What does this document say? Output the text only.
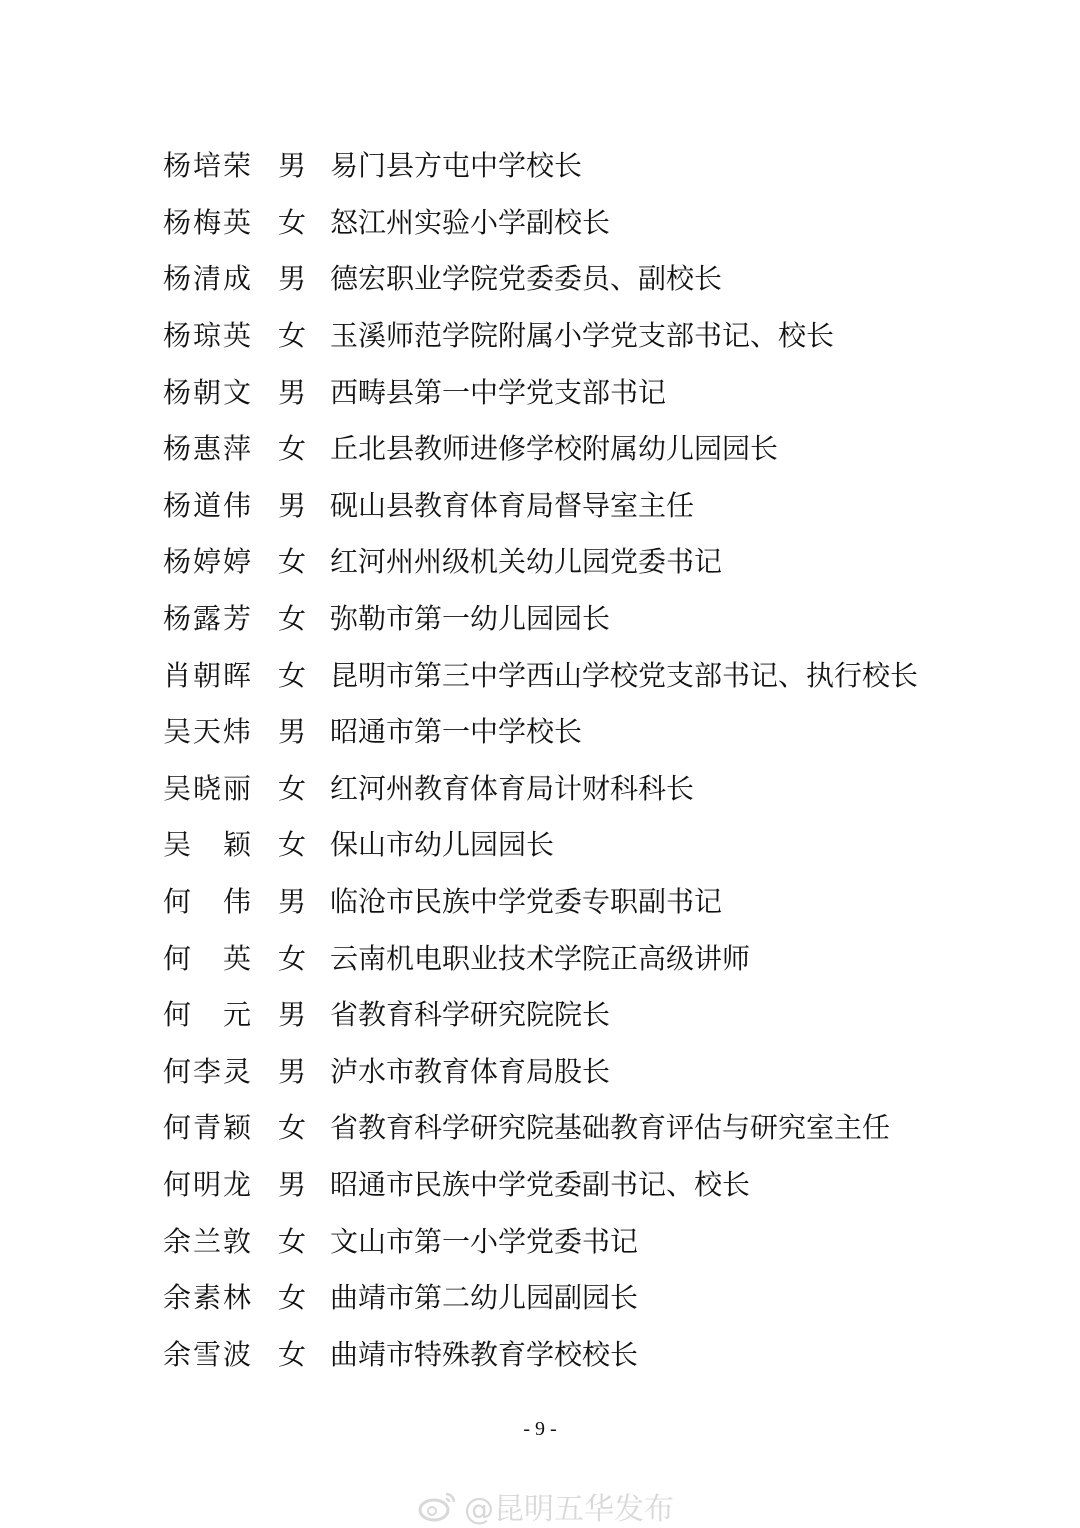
杨培荣 男 易门县方屯中学校长
杨梅英 女 怒江州实验小学副校长
杨清成 男 德宏职业学院党委委员、副校长
杨琼英 女 玉溪师范学院附属小学党支部书记、校长
杨朝文 男 西畴县第一中学党支部书记
杨惠萍 女 丘北县教师进修学校附属幼儿园园长
杨道伟 男 砚山县教育体育局督导室主任
杨婷婷 女 红河州州级机关幼儿园党委书记
杨露芳 女 弥勒市第一幼儿园园长
肖朝晖 女 昆明市第三中学西山学校党支部书记、执行校长
吴天炜 男 昭通市第一中学校长
吴晓丽 女 红河州教育体育局计财科科长
吴 颖 女 保山市幼儿园园长
何 伟 男 临沧市民族中学党委专职副书记
何 英 女 云南机电职业技术学院正高级讲师
何 元 男 省教育科学研究院院长
何李灵 男 泸水市教育体育局股长
何青颖 女 省教育科学研究院基础教育评估与研究室主任
何明龙 男 昭通市民族中学党委副书记、校长
余兰敦 女 文山市第一小学党委书记
余素林 女 曲靖市第二幼儿园副园长
余雪波 女 曲靖市特殊教育学校校长
- 9 -
@昆明五华发布
